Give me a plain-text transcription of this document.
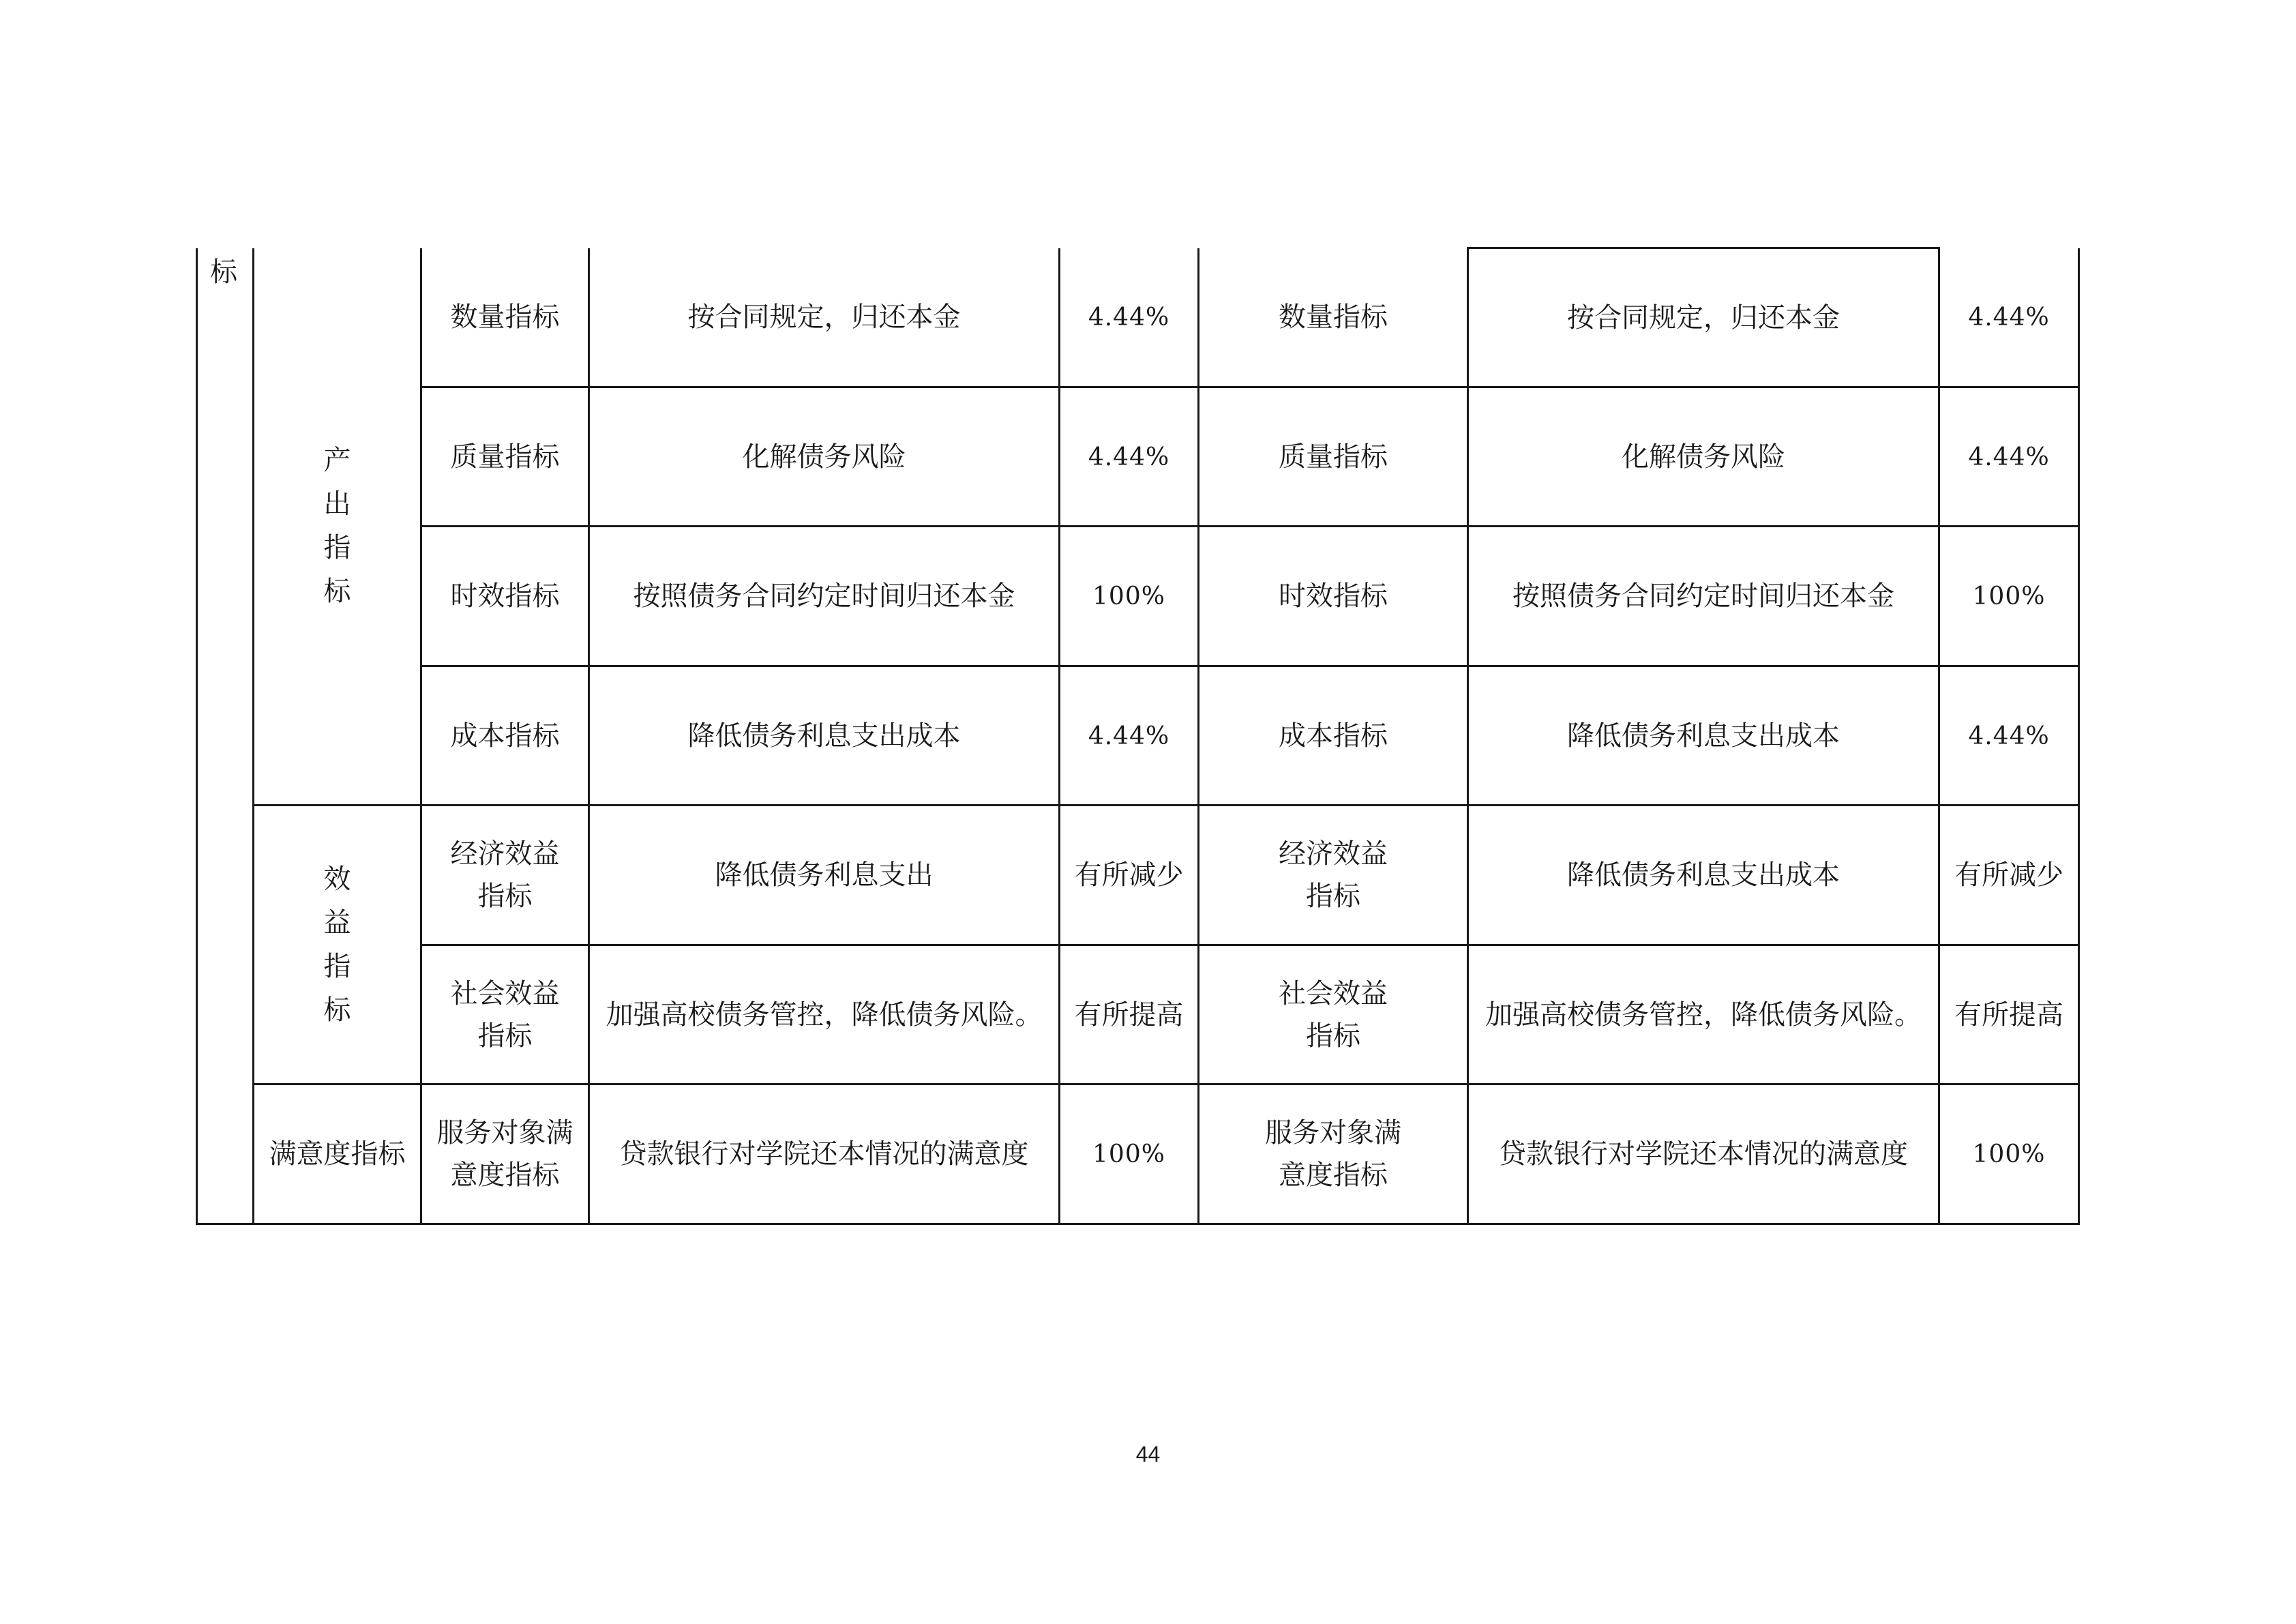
标	产出指标	数量指标	按合同规定，归还本金	4.44%	数量指标	按合同规定，归还本金	4.44%
		质量指标	化解债务风险	4.44%	质量指标	化解债务风险	4.44%
		时效指标	按照债务合同约定时间归还本金	100%	时效指标	按照债务合同约定时间归还本金	100%
		成本指标	降低债务利息支出成本	4.44%	成本指标	降低债务利息支出成本	4.44%
	效益指标	经济效益指标	降低债务利息支出	有所减少	经济效益指标	降低债务利息支出成本	有所减少
		社会效益指标	加强高校债务管控，降低债务风险。	有所提高	社会效益指标	加强高校债务管控，降低债务风险。	有所提高
	满意度指标	服务对象满意度指标	贷款银行对学院还本情况的满意度	100%	服务对象满意度指标	贷款银行对学院还本情况的满意度	100%
44
